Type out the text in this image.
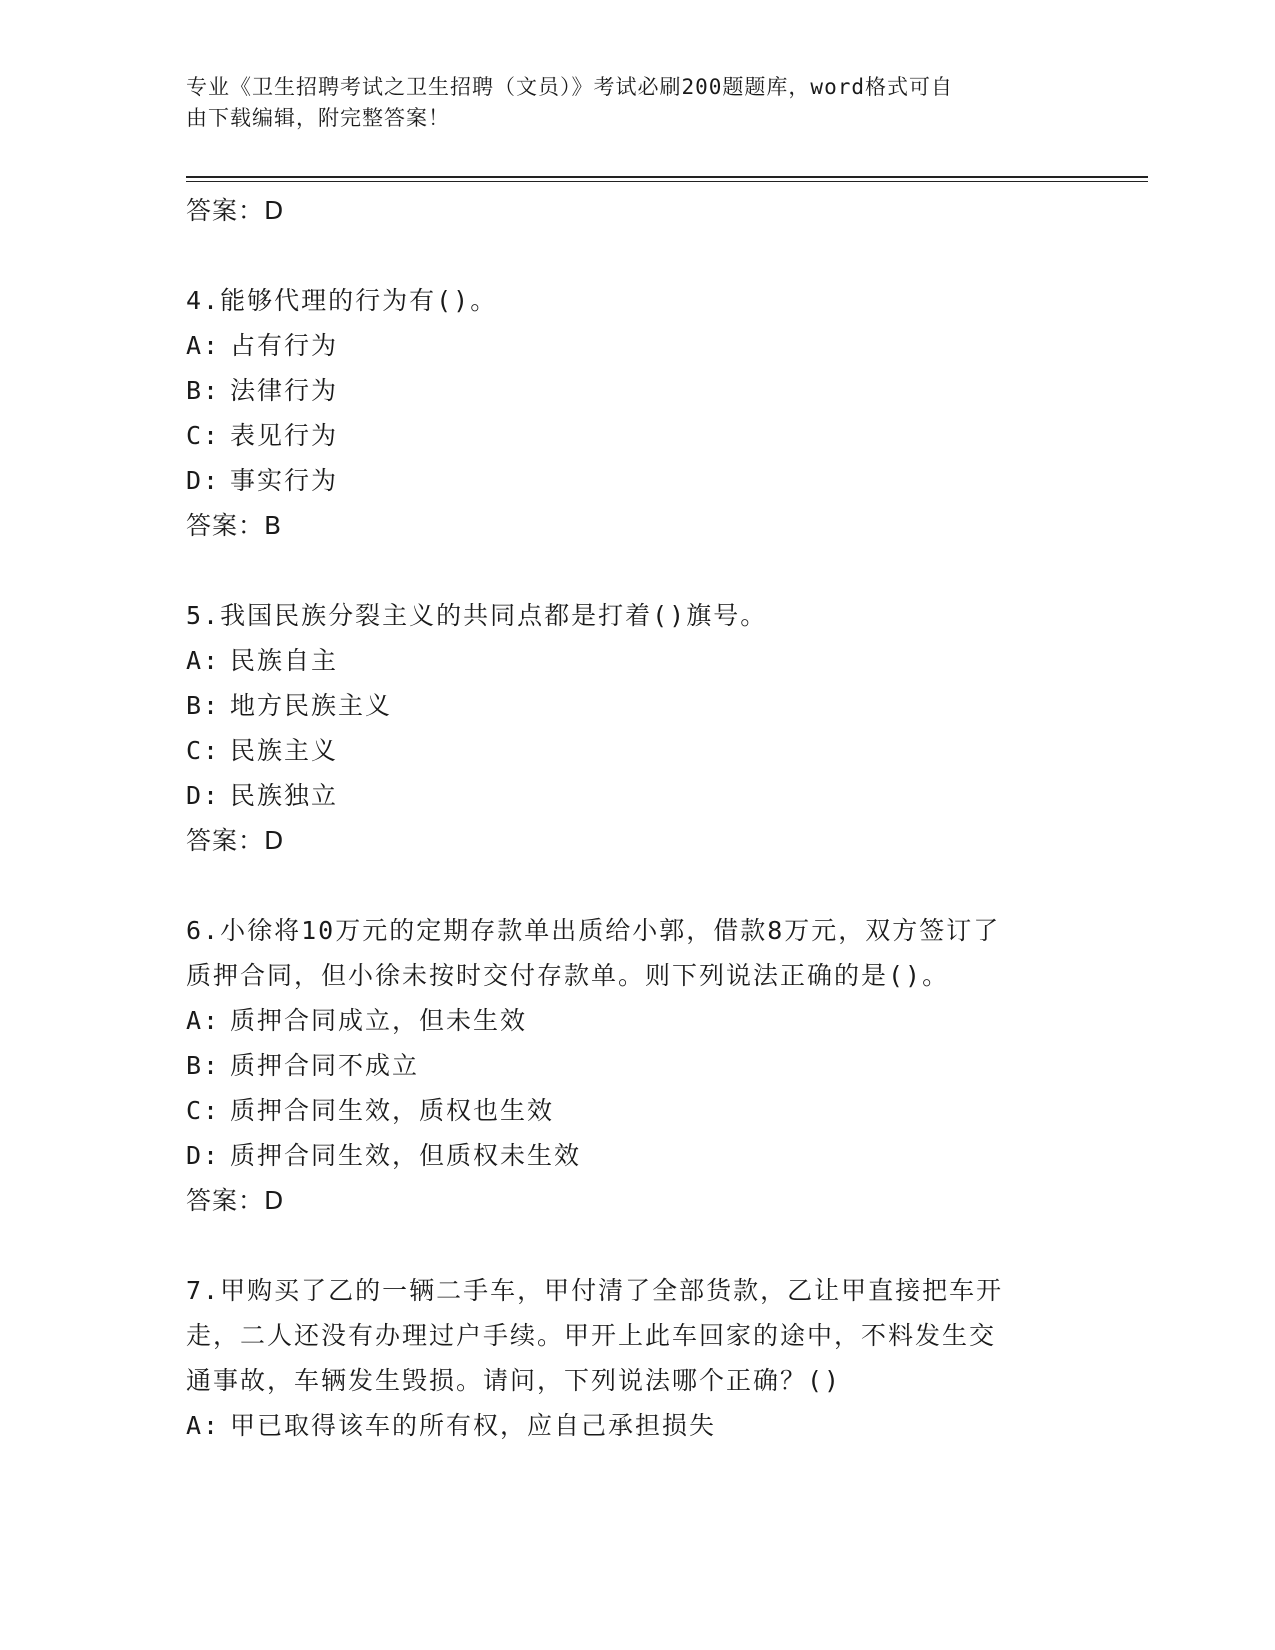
专业《卫生招聘考试之卫生招聘（文员）》考试必刷200题题库，word格式可自
由下载编辑，附完整答案！
答案：D
4.能够代理的行为有()。
A: 占有行为
B: 法律行为
C: 表见行为
D: 事实行为
答案：B
5.我国民族分裂主义的共同点都是打着()旗号。
A: 民族自主
B: 地方民族主义
C: 民族主义
D: 民族独立
答案：D
6.小徐将10万元的定期存款单出质给小郭，借款8万元，双方签订了
质押合同，但小徐未按时交付存款单。则下列说法正确的是()。
A: 质押合同成立，但未生效
B: 质押合同不成立
C: 质押合同生效，质权也生效
D: 质押合同生效，但质权未生效
答案：D
7.甲购买了乙的一辆二手车，甲付清了全部货款，乙让甲直接把车开
走，二人还没有办理过户手续。甲开上此车回家的途中，不料发生交
通事故，车辆发生毁损。请问，下列说法哪个正确？()
A: 甲已取得该车的所有权，应自己承担损失
